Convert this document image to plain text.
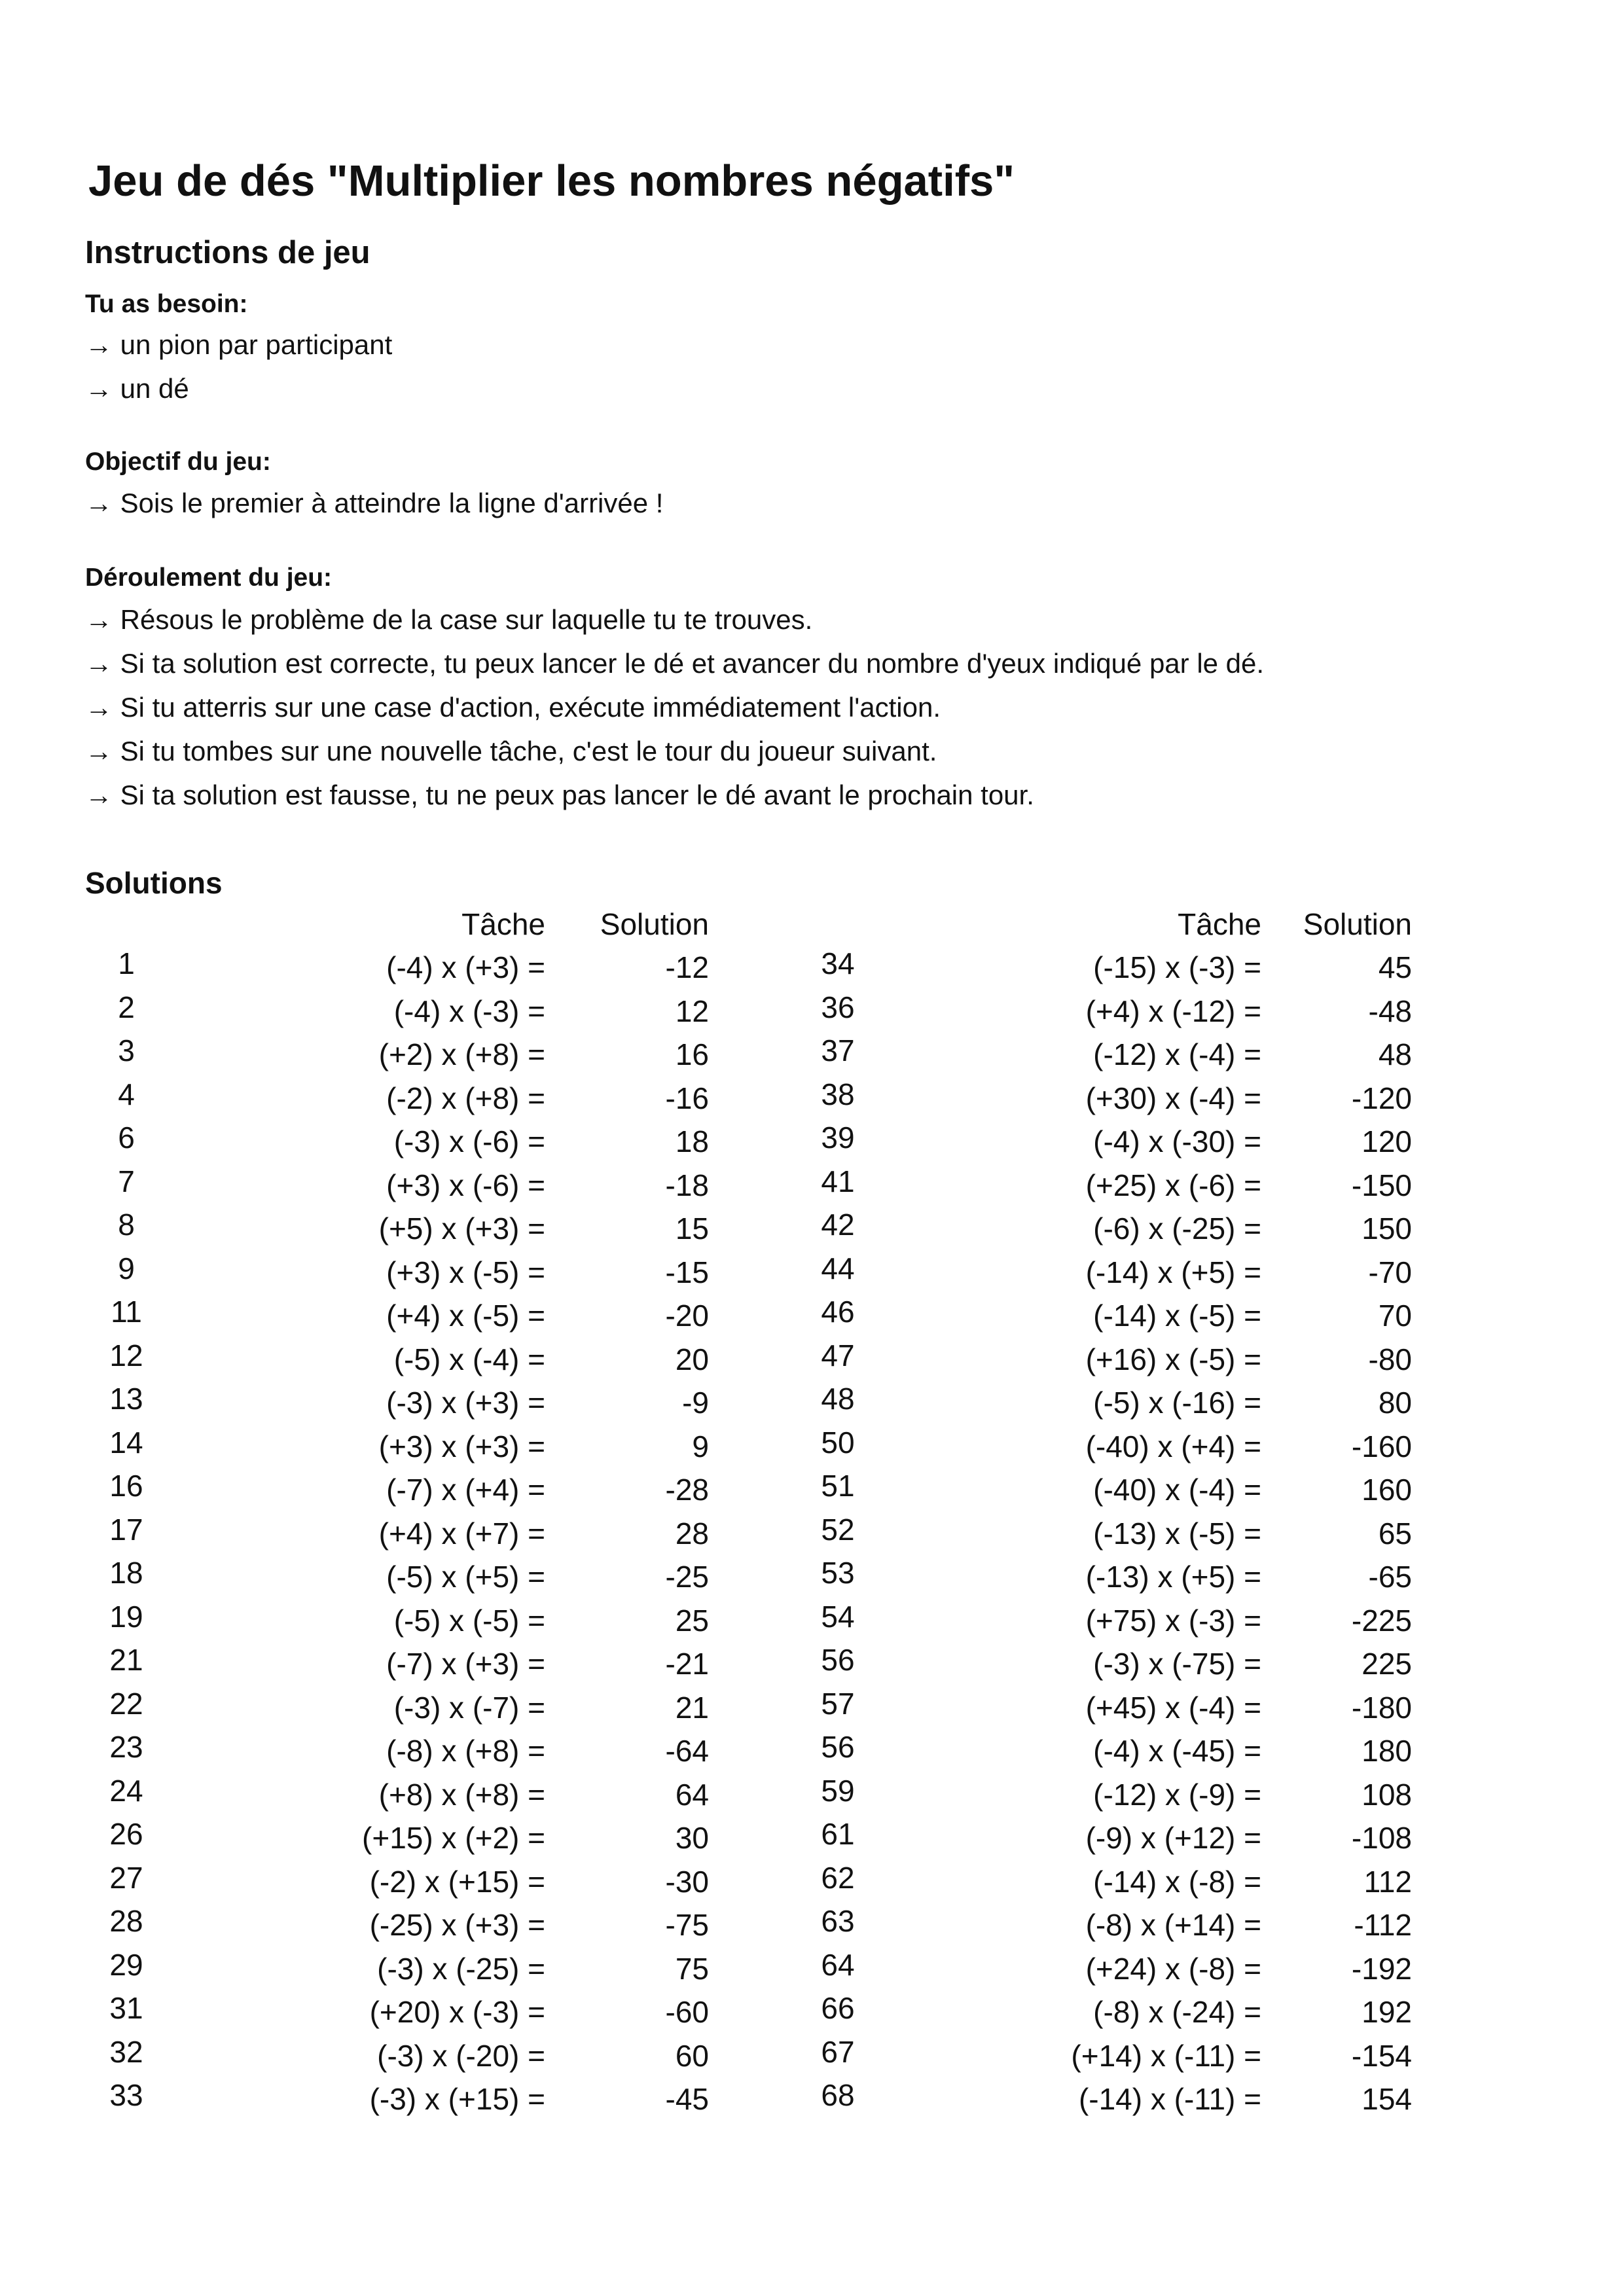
Jeu de dés "Multiplier les nombres négatifs"
Instructions de jeu
Tu as besoin:

→ un pion par participant

→ un dé

Objectif du jeu:

→ Sois le premier à atteindre la ligne d'arrivée !

Déroulement du jeu:

→ Résous le problème de la case sur laquelle tu te trouves.

→ Si ta solution est correcte, tu peux lancer le dé et avancer du nombre d'yeux indiqué par le dé.

→ Si tu atterris sur une case d'action, exécute immédiatement l'action.

→ Si tu tombes sur une nouvelle tâche, c'est le tour du joueur suivant.

→ Si ta solution est fausse, tu ne peux pas lancer le dé avant le prochain tour.

Solutions
Tâche	Solution
1	(-4) x (+3) =	-12
2	(-4) x (-3) =	12
3	(+2) x (+8) =	16
4	(-2) x (+8) =	-16
6	(-3) x (-6) =	18
7	(+3) x (-6) =	-18
8	(+5) x (+3) =	15
9	(+3) x (-5) =	-15
11	(+4) x (-5) =	-20
12	(-5) x (-4) =	20
13	(-3) x (+3) =	-9
14	(+3) x (+3) =	9
16	(-7) x (+4) =	-28
17	(+4) x (+7) =	28
18	(-5) x (+5) =	-25
19	(-5) x (-5) =	25
21	(-7) x (+3) =	-21
22	(-3) x (-7) =	21
23	(-8) x (+8) =	-64
24	(+8) x (+8) =	64
26	(+15) x (+2) =	30
27	(-2) x (+15) =	-30
28	(-25) x (+3) =	-75
29	(-3) x (-25) =	75
31	(+20) x (-3) =	-60
32	(-3) x (-20) =	60
33	(-3) x (+15) =	-45
Tâche	Solution
34	(-15) x (-3) =	45
36	(+4) x (-12) =	-48
37	(-12) x (-4) =	48
38	(+30) x (-4) =	-120
39	(-4) x (-30) =	120
41	(+25) x (-6) =	-150
42	(-6) x (-25) =	150
44	(-14) x (+5) =	-70
46	(-14) x (-5) =	70
47	(+16) x (-5) =	-80
48	(-5) x (-16) =	80
50	(-40) x (+4) =	-160
51	(-40) x (-4) =	160
52	(-13) x (-5) =	65
53	(-13) x (+5) =	-65
54	(+75) x (-3) =	-225
56	(-3) x (-75) =	225
57	(+45) x (-4) =	-180
56	(-4) x (-45) =	180
59	(-12) x (-9) =	108
61	(-9) x (+12) =	-108
62	(-14) x (-8) =	112
63	(-8) x (+14) =	-112
64	(+24) x (-8) =	-192
66	(-8) x (-24) =	192
67	(+14) x (-11) =	-154
68	(-14) x (-11) =	154
